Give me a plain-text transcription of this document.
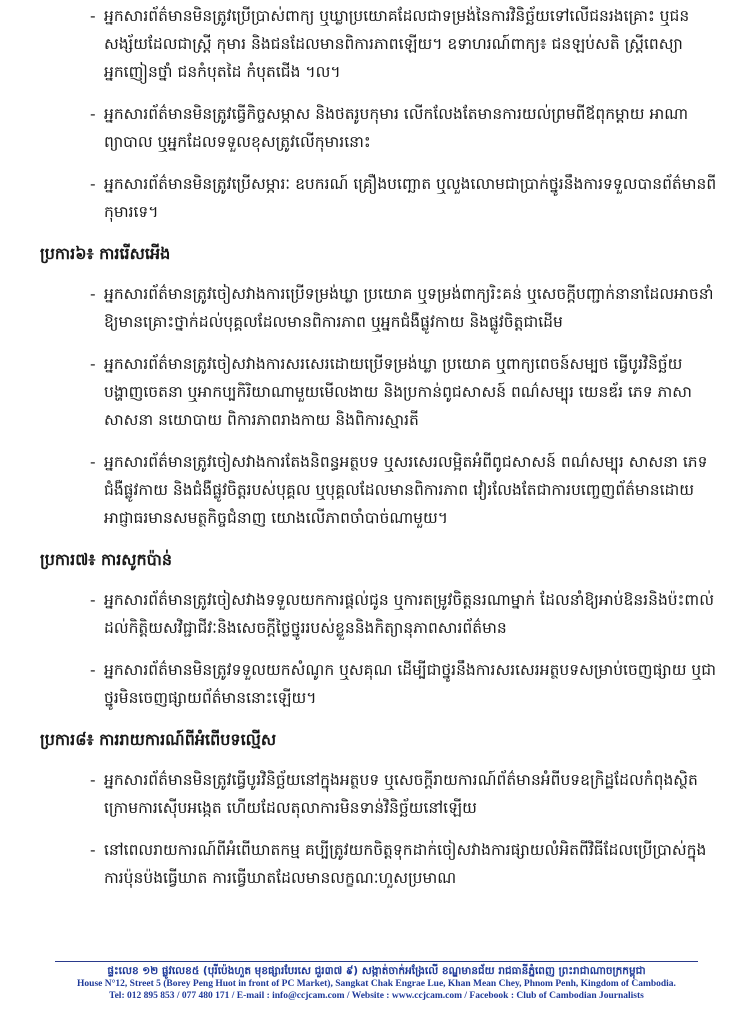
- អ្នកសារព័ត៌មានមិនត្រូវប្រើប្រាស់ពាក្យ ឬឃ្លាប្រយោគដែលជាទម្រង់នៃការវិនិច្ឆ័យទៅលើជនរងគ្រោះ ឬជនសង្ស័យដែលជាស្ត្រី កុមារ និងជនដែលមានពិការភាពឡើយ។ ឧទាហរណ៍ពាក្យ៖ ជនឡប់សតិ ស្ត្រីពេស្យា អ្នកញៀនថ្នាំ ជនកំបុតដៃ កំបុតជើង ។ល។
- អ្នកសារព័ត៌មានមិនត្រូវធ្វើកិច្ចសម្ភាស និងថតរូបកុមារ លើកលែងតែមានការយល់ព្រមពីឪពុកម្ដាយ អាណាព្យាបាល ឬអ្នកដែលទទួលខុសត្រូវលើកុមារនោះ
- អ្នកសារព័ត៌មានមិនត្រូវប្រើសម្ភារៈ ឧបករណ៍ គ្រឿងបញ្ឆោត ឬលួងលោមជាប្រាក់ថ្នូរនឹងការទទួលបានព័ត៌មានពីកុមារទេ។
ប្រការ៦៖ ការរើសអើង
- អ្នកសារព័ត៌មានត្រូវចៀសវាងការប្រើទម្រង់ឃ្លា ប្រយោគ ឬទម្រង់ពាក្យរិះគន់ ឬសេចក្ដីបញ្ជាក់នានាដែលអាចនាំឱ្យមានគ្រោះថ្នាក់ដល់បុគ្គលដែលមានពិការភាព ឬអ្នកជំងឺផ្លូវកាយ និងផ្លូវចិត្តជាដើម
- អ្នកសារព័ត៌មានត្រូវចៀសវាងការសរសេរដោយប្រើទម្រង់ឃ្លា ប្រយោគ ឬពាក្យពេចន៍សម្បថ ធ្វើបូរវិនិច្ឆ័យ បង្ហាញចេតនា ឬអាកប្បកិរិយាណាមួយមើលងាយ និងប្រកាន់ពូជសាសន៍ ពណ៌សម្បុរ យេនឌ័រ ភេទ ភាសា សាសនា នយោបាយ ពិការភាពរាងកាយ និងពិការស្មារតី
- អ្នកសារព័ត៌មានត្រូវចៀសវាងការតែងនិពន្ធអត្ថបទ ឬសរសេរលម្អិតអំពីពូជសាសន៍ ពណ៌សម្បុរ សាសនា ភេទ ជំងឺផ្លូវកាយ និងជំងឺផ្លូវចិត្តរបស់បុគ្គល ឬបុគ្គលដែលមានពិការភាព វៀរលែងតែជាការបញ្ចេញព័ត៌មានដោយអាជ្ញាធរមានសមត្ថកិច្ចជំនាញ យោងលើភាពចាំបាច់ណាមួយ។
ប្រការ៧៖ ការសូកប៉ាន់
- អ្នកសារព័ត៌មានត្រូវចៀសវាងទទួលយកការផ្ដល់ជូន ឬការតម្រូវចិត្តនរណាម្នាក់ ដែលនាំឱ្យអាប់ឱនរនិងប៉ះពាល់ដល់កិត្តិយសវិជ្ជាជីវៈនិងសេចក្ដីថ្លៃថ្នូររបស់ខ្លួននិងកិត្យានុភាពសារព័ត៌មាន
- អ្នកសារព័ត៌មានមិនត្រូវទទួលយកសំណូក ឬសគុណ ដើម្បីជាថ្នូរនឹងការសរសេរអត្ថបទសម្រាប់ចេញផ្សាយ ឬជាថ្នូរមិនចេញផ្សាយព័ត៌មាននោះឡើយ។
ប្រការ៨៖ ការរាយការណ៍ពីអំពើបទល្មើស
- អ្នកសារព័ត៌មានមិនត្រូវធ្វើបូរវិនិច្ឆ័យនៅក្នុងអត្ថបទ ឬសេចក្ដីរាយការណ៍ព័ត៌មានអំពីបទឧក្រិដ្ឋដែលកំពុងស្ថិតក្រោមការស៊ើបអង្កេត ហើយដែលតុលាការមិនទាន់វិនិច្ឆ័យនៅឡើយ
- នៅពេលរាយការណ៍ពីអំពើឃាតកម្ម គប្បីត្រូវយកចិត្តទុកដាក់ចៀសវាងការផ្សាយលំអិតពីវិធីដែលប្រើប្រាស់ក្នុងការប៉ុនប៉ងធ្វើឃាត ការធ្វើឃាតដែលមានលក្ខណៈហួសប្រមាណ
ផ្ទះលេខ ១២ ផ្លូវលេខ៥ (បុរីប៉េងហួត មុខផ្សារបែរសេ ជួរ៣៧ ៩) សង្កាត់ចាក់អង្រែលើ ខណ្ឌមានជ័យ រាជធានីភ្នំពេញ ព្រះរាជាណាចក្រកម្ពុជា
House N°12, Street 5 (Borey Peng Huot in front of PC Market), Sangkat Chak Engrae Lue, Khan Mean Chey, Phnom Penh, Kingdom of Cambodia.
Tel: 012 895 853 / 077 480 171 / E-mail : info@ccjcam.com / Website : www.ccjcam.com / Facebook : Club of Cambodian Journalists
